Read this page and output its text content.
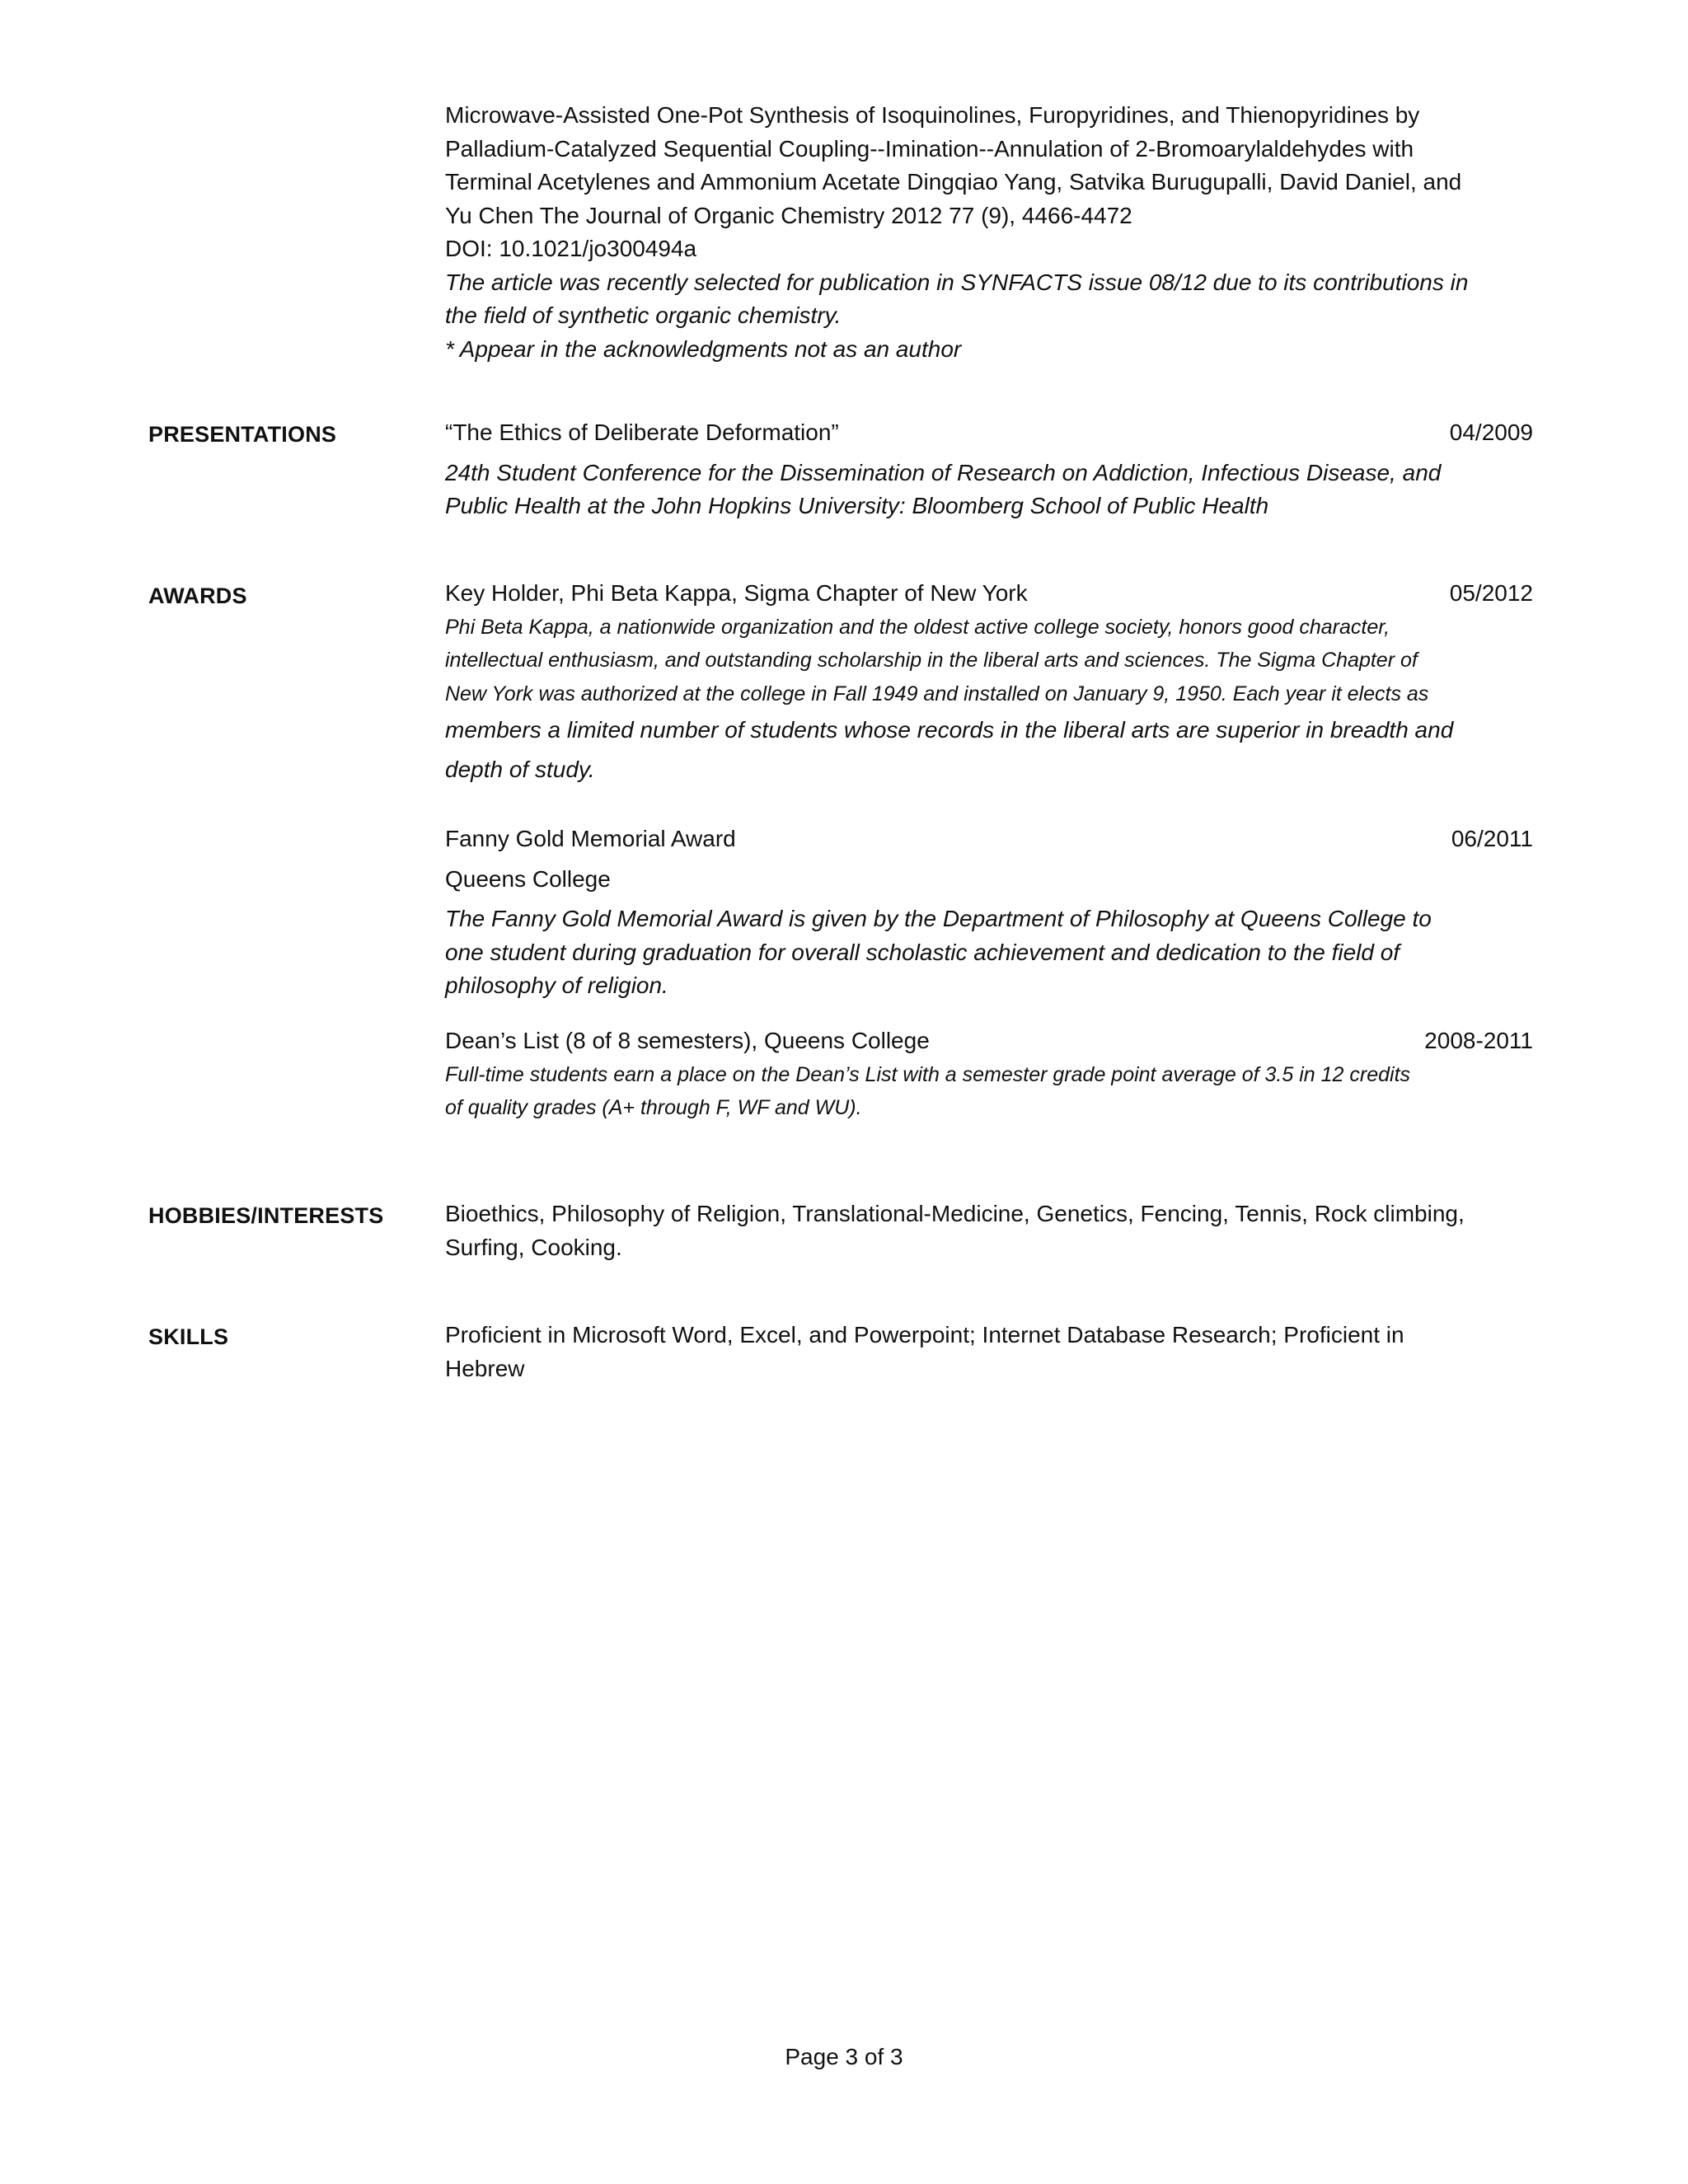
Microwave-Assisted One-Pot Synthesis of Isoquinolines, Furopyridines, and Thienopyridines by

Palladium-Catalyzed Sequential Coupling--Imination--Annulation of 2-Bromoarylaldehydes with

Terminal Acetylenes and Ammonium Acetate Dingqiao Yang, Satvika Burugupalli, David Daniel, and

Yu Chen The Journal of Organic Chemistry 2012 77 (9), 4466-4472

DOI: 10.1021/jo300494a

The article was recently selected for publication in SYNFACTS issue 08/12 due to its contributions in

the field of synthetic organic chemistry.

* Appear in the acknowledgments not as an author

PRESENTATIONS	“The Ethics of Deliberate Deformation”	04/2009

24th Student Conference for the Dissemination of Research on Addiction, Infectious Disease, and

Public Health at the John Hopkins University: Bloomberg School of Public Health

AWARDS	Key Holder, Phi Beta Kappa, Sigma Chapter of New York	05/2012

Phi Beta Kappa, a nationwide organization and the oldest active college society, honors good character,

intellectual enthusiasm, and outstanding scholarship in the liberal arts and sciences. The Sigma Chapter of

New York was authorized at the college in Fall 1949 and installed on January 9, 1950. Each year it elects as

members a limited number of students whose records in the liberal arts are superior in breadth and

depth of study.

Fanny Gold Memorial Award	06/2011

Queens College

The Fanny Gold Memorial Award is given by the Department of Philosophy at Queens College to

one student during graduation for overall scholastic achievement and dedication to the field of

philosophy of religion.

Dean’s List (8 of 8 semesters), Queens College	2008-2011

Full-time students earn a place on the Dean’s List with a semester grade point average of 3.5 in 12 credits

of quality grades (A+ through F, WF and WU).

HOBBIES/INTERESTS	Bioethics, Philosophy of Religion, Translational-Medicine, Genetics, Fencing, Tennis, Rock climbing,

Surfing, Cooking.

SKILLS	Proficient in Microsoft Word, Excel, and Powerpoint; Internet Database Research; Proficient in

Hebrew

Page 3 of 3
